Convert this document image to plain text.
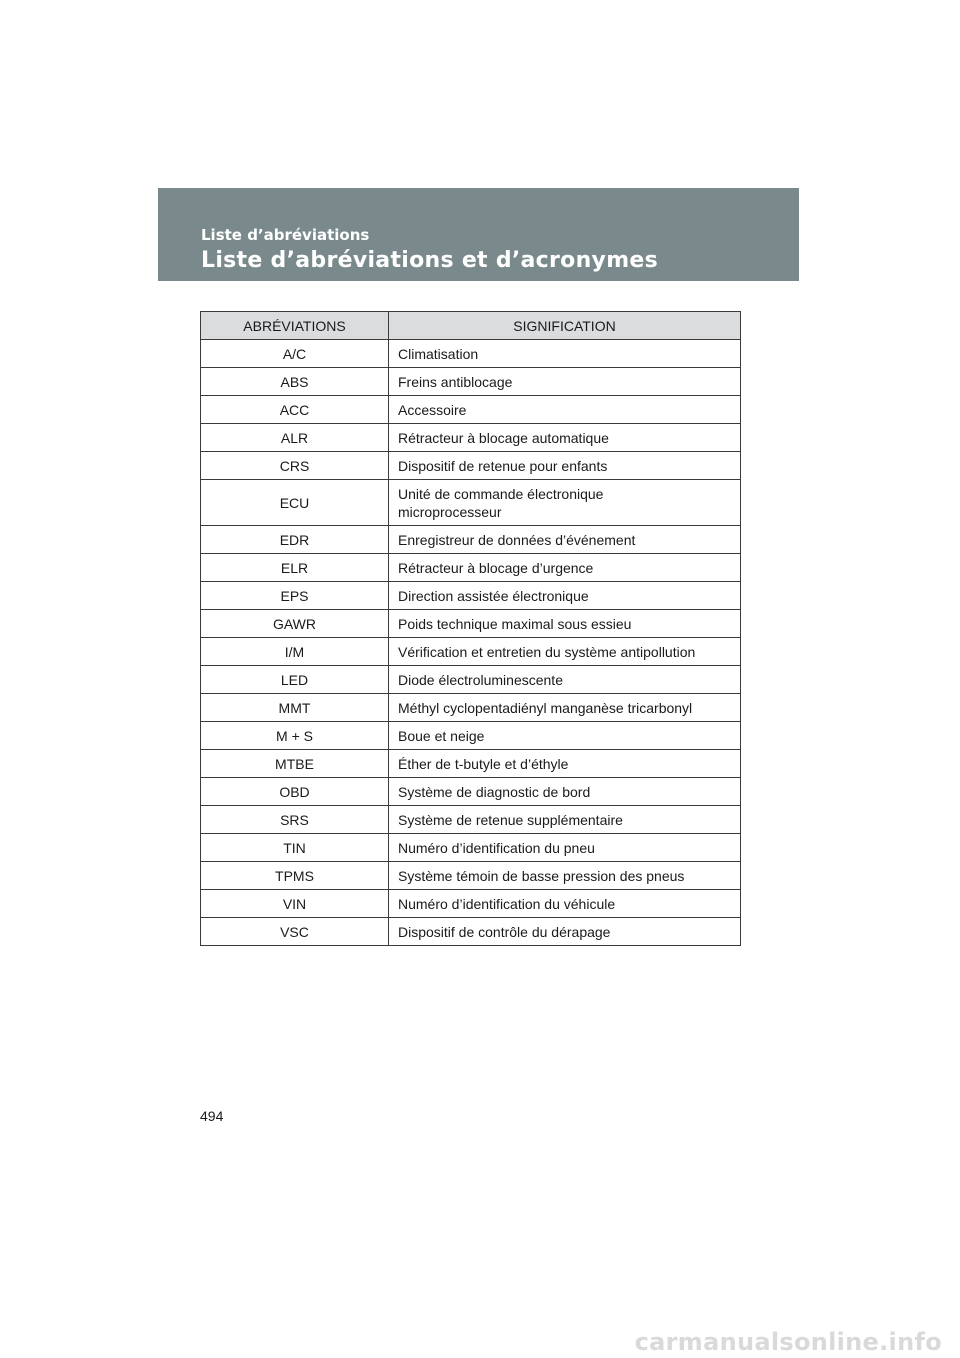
Liste d’abréviations
Liste d’abréviations et d’acronymes
ABRÉVIATIONS	SIGNIFICATION
A/C	Climatisation
ABS	Freins antiblocage
ACC	Accessoire
ALR	Rétracteur à blocage automatique
CRS	Dispositif de retenue pour enfants
ECU	Unité de commande électronique
microprocesseur

EDR	Enregistreur de données d’événement
ELR	Rétracteur à blocage d’urgence
EPS	Direction assistée électronique
GAWR	Poids technique maximal sous essieu
I/M	Vérification et entretien du système antipollution
LED	Diode électroluminescente
MMT	Méthyl cyclopentadiényl manganèse tricarbonyl
M + S	Boue et neige
MTBE	Éther de t-butyle et d’éthyle
OBD	Système de diagnostic de bord
SRS	Système de retenue supplémentaire
TIN	Numéro d’identification du pneu
TPMS	Système témoin de basse pression des pneus
VIN	Numéro d’identification du véhicule
VSC	Dispositif de contrôle du dérapage
494
carmanualsonline.info
